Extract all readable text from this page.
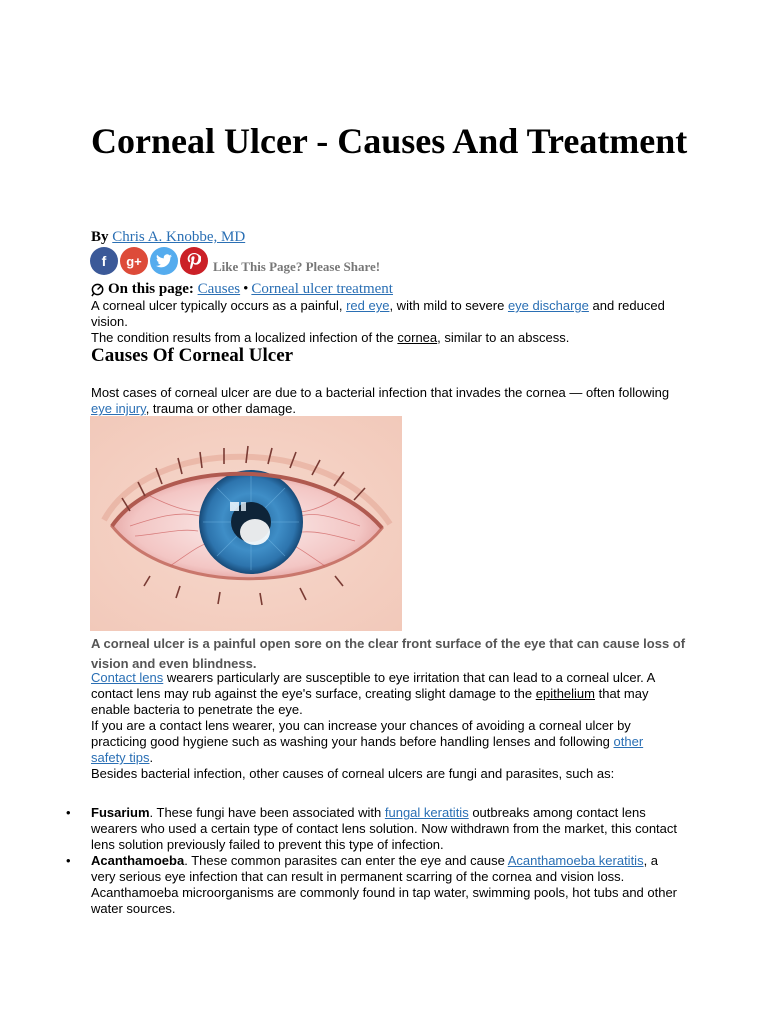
Corneal Ulcer - Causes And Treatment
By Chris A. Knobbe, MD
f	g+	Like This Page? Please Share!
On this page:
Causes • Corneal ulcer treatment
A corneal ulcer typically occurs as a painful, red eye, with mild to severe eye discharge and reduced vision.
The condition results from a localized infection of the cornea, similar to an abscess.
Causes Of Corneal Ulcer
Most cases of corneal ulcer are due to a bacterial infection that invades the cornea — often following eye injury, trauma or other damage.
A corneal ulcer is a painful open sore on the clear front surface of the eye that can cause loss of vision and even blindness.
Contact lens wearers particularly are susceptible to eye irritation that can lead to a corneal ulcer. A contact lens may rub against the eye's surface, creating slight damage to the epithelium that may enable bacteria to penetrate the eye.
If you are a contact lens wearer, you can increase your chances of avoiding a corneal ulcer by practicing good hygiene such as washing your hands before handling lenses and following other safety tips.
Besides bacterial infection, other causes of corneal ulcers are fungi and parasites, such as:
• Fusarium. These fungi have been associated with fungal keratitis outbreaks among contact lens wearers who used a certain type of contact lens solution. Now withdrawn from the market, this contact lens solution previously failed to prevent this type of infection.
• Acanthamoeba. These common parasites can enter the eye and cause Acanthamoeba keratitis, a very serious eye infection that can result in permanent scarring of the cornea and vision loss. Acanthamoeba microorganisms are commonly found in tap water, swimming pools, hot tubs and other water sources.
